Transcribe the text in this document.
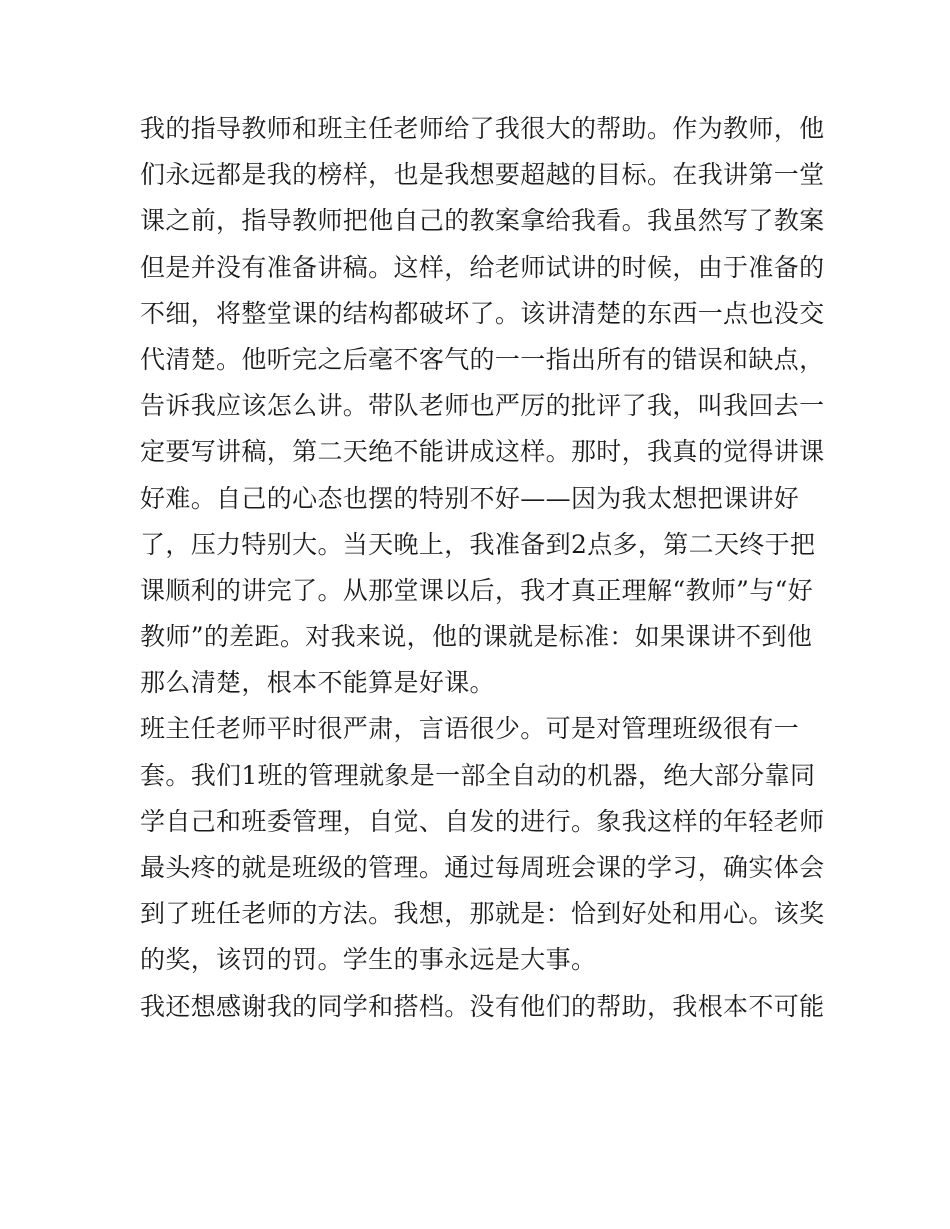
我的指导教师和班主任老师给了我很大的帮助。作为教师，他
们永远都是我的榜样，也是我想要超越的目标。在我讲第一堂
课之前，指导教师把他自己的教案拿给我看。我虽然写了教案
但是并没有准备讲稿。这样，给老师试讲的时候，由于准备的
不细，将整堂课的结构都破坏了。该讲清楚的东西一点也没交
代清楚。他听完之后毫不客气的一一指出所有的错误和缺点，
告诉我应该怎么讲。带队老师也严厉的批评了我，叫我回去一
定要写讲稿，第二天绝不能讲成这样。那时，我真的觉得讲课
好难。自己的心态也摆的特别不好——因为我太想把课讲好
了，压力特别大。当天晚上，我准备到2点多，第二天终于把
课顺利的讲完了。从那堂课以后，我才真正理解“教师”与“好
教师”的差距。对我来说，他的课就是标准：如果课讲不到他
那么清楚，根本不能算是好课。
班主任老师平时很严肃，言语很少。可是对管理班级很有一
套。我们1班的管理就象是一部全自动的机器，绝大部分靠同
学自己和班委管理，自觉、自发的进行。象我这样的年轻老师
最头疼的就是班级的管理。通过每周班会课的学习，确实体会
到了班任老师的方法。我想，那就是：恰到好处和用心。该奖
的奖，该罚的罚。学生的事永远是大事。
我还想感谢我的同学和搭档。没有他们的帮助，我根本不可能
